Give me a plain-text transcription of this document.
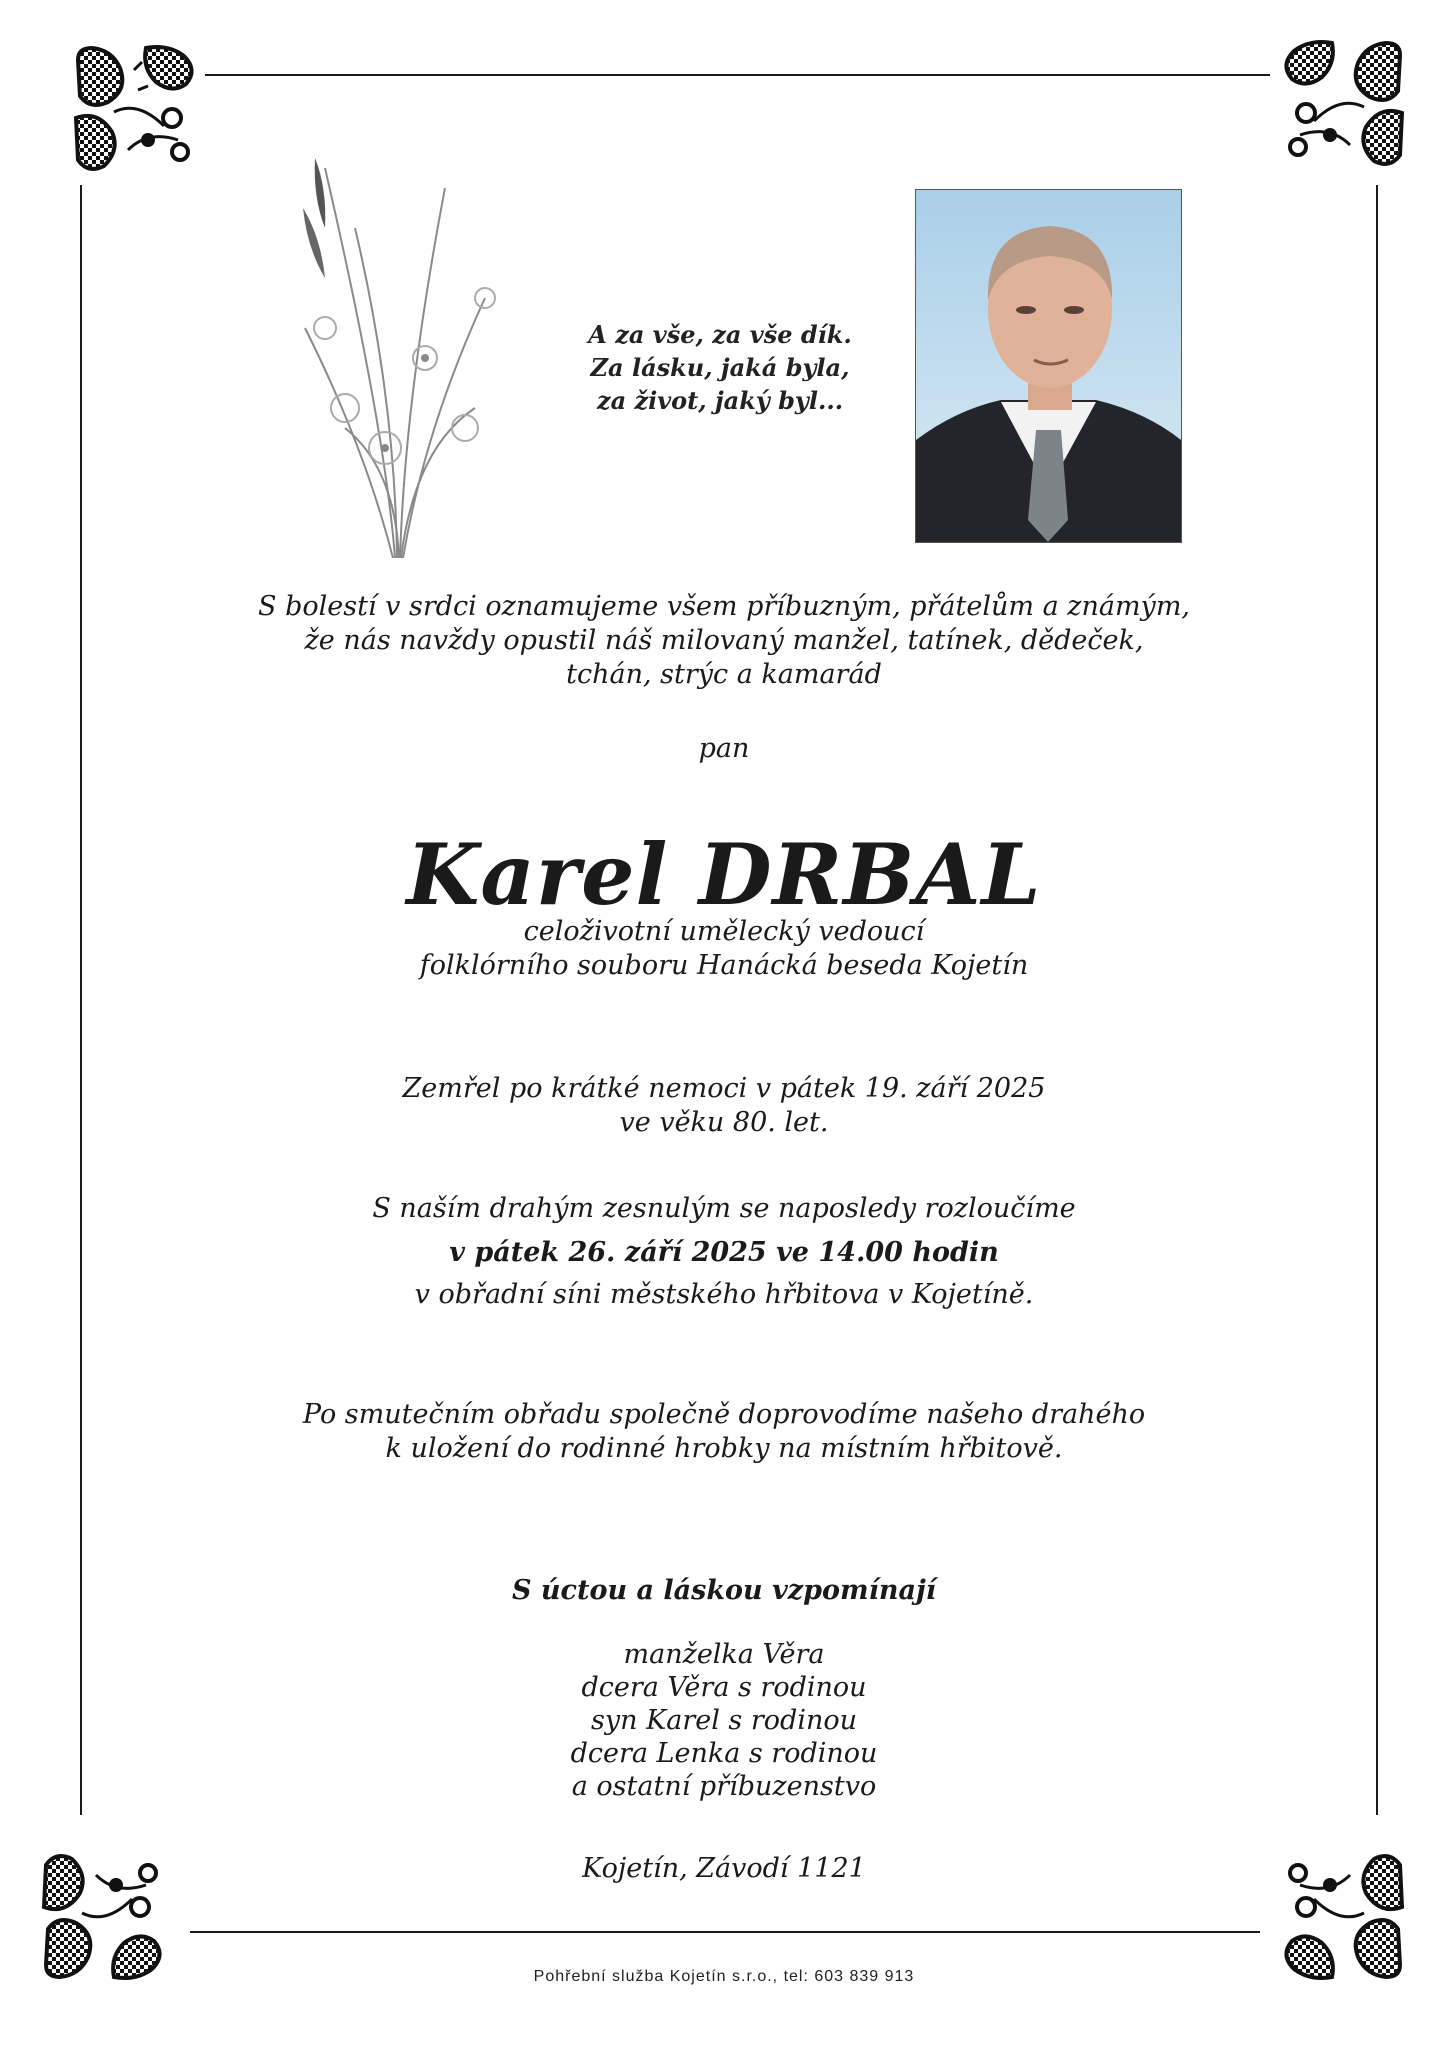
A za vše, za vše dík.
Za lásku, jaká byla,
za život, jaký byl...
S bolestí v srdci oznamujeme všem příbuzným, přátelům a známým,
že nás navždy opustil náš milovaný manžel, tatínek, dědeček,
tchán, strýc a kamarád
pan
Karel DRBAL
celoživotní umělecký vedoucí
folklórního souboru Hanácká beseda Kojetín
Zemřel po krátké nemoci v pátek 19. září 2025
ve věku 80. let.
S naším drahým zesnulým se naposledy rozloučíme
v pátek 26. září 2025 ve 14.00 hodin
v obřadní síni městského hřbitova v Kojetíně.
Po smutečním obřadu společně doprovodíme našeho drahého
k uložení do rodinné hrobky na místním hřbitově.
S úctou a láskou vzpomínají
manželka Věra
dcera Věra s rodinou
syn Karel s rodinou
dcera Lenka s rodinou
a ostatní příbuzenstvo
Kojetín, Závodí 1121
Pohřební služba Kojetín s.r.o., tel: 603 839 913
